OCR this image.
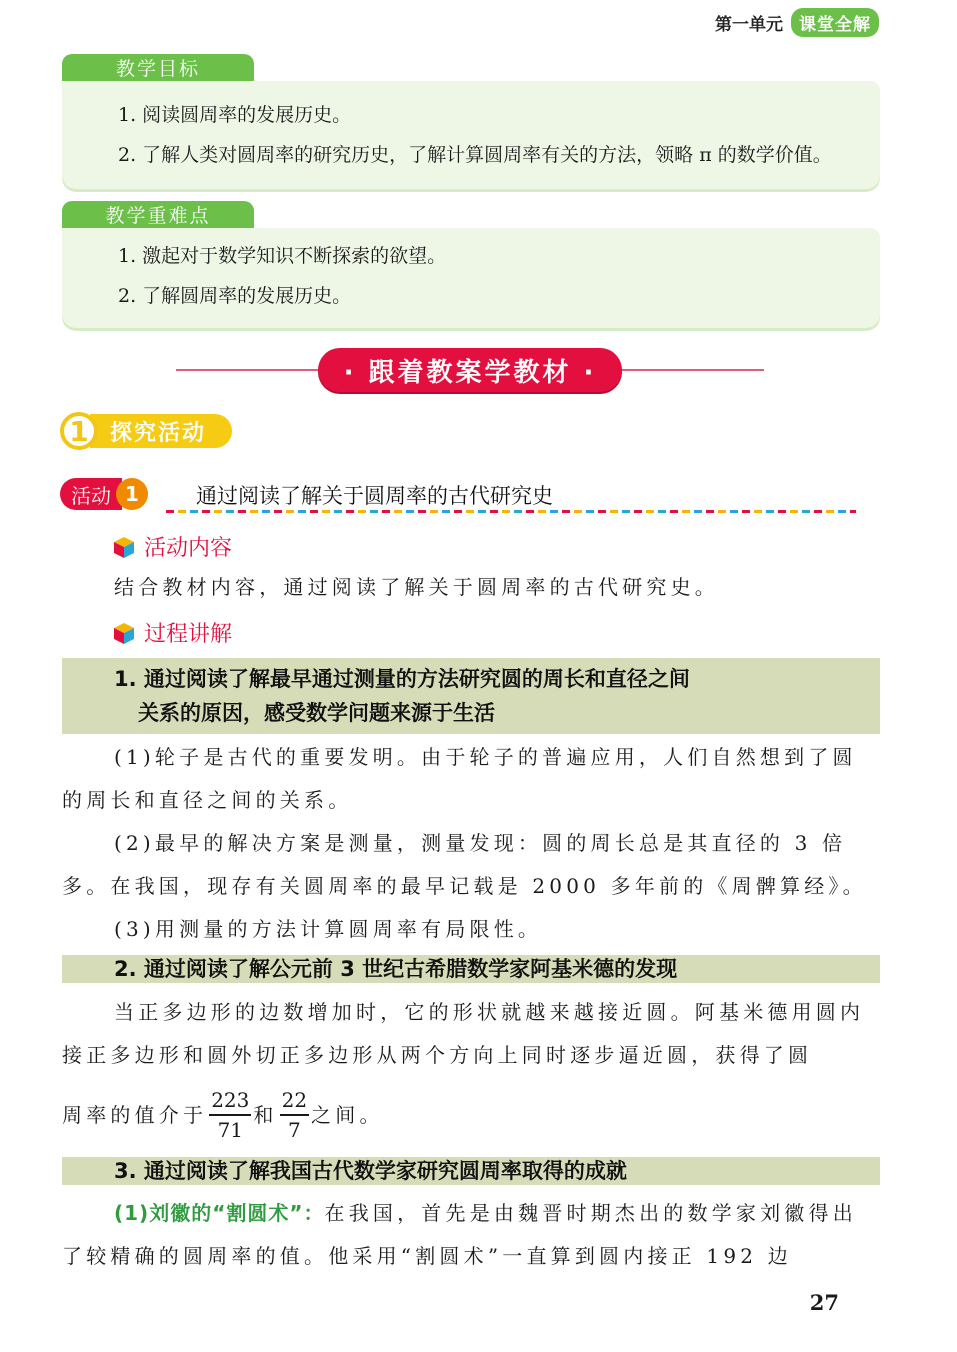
第一单元 课堂全解
教学目标

1. 阅读圆周率的发展历史。

2. 了解人类对圆周率的研究历史，了解计算圆周率有关的方法，领略 π 的数学价值。

教学重难点

1. 激起对于数学知识不断探索的欲望。

2. 了解圆周率的发展历史。

· 跟着教案学教材 ·
1 探究活动
活动 1	通过阅读了解关于圆周率的古代研究史
活动内容
结合教材内容，通过阅读了解关于圆周率的古代研究史。
过程讲解

1. 通过阅读了解最早通过测量的方法研究圆的周长和直径之间

关系的原因，感受数学问题来源于生活

(1)轮子是古代的重要发明。由于轮子的普遍应用，人们自然想到了圆的周长和直径之间的关系。
(2)最早的解决方案是测量，测量发现：圆的周长总是其直径的 3 倍多。在我国，现存有关圆周率的最早记载是 2000 多年前的《周髀算经》。
(3)用测量的方法计算圆周率有局限性。

2. 通过阅读了解公元前 3 世纪古希腊数学家阿基米德的发现

当正多边形的边数增加时，它的形状就越来越接近圆。阿基米德用圆内接正多边形和圆外切正多边形从两个方向上同时逐步逼近圆，获得了圆
周率的值介于 $\frac{223}{71}$ 和 $\frac{22}{7}$ 之间。

3. 通过阅读了解我国古代数学家研究圆周率取得的成就

(1)刘徽的“割圆术”：在我国，首先是由魏晋时期杰出的数学家刘徽得出了较精确的圆周率的值。他采用“割圆术”一直算到圆内接正 192 边
27
